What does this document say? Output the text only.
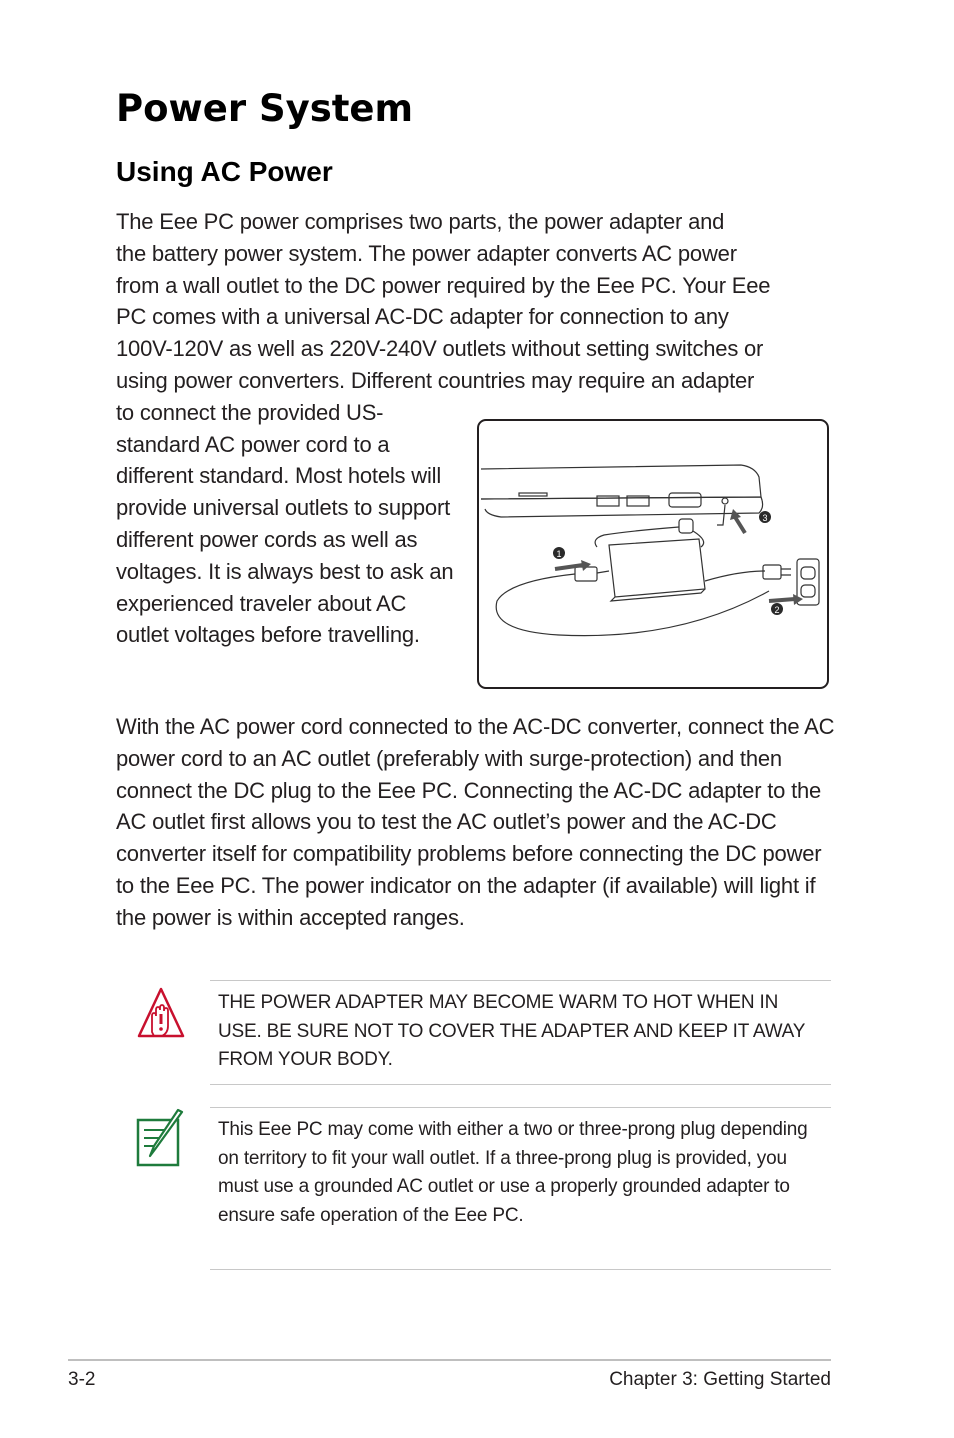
Power System
Using AC Power
The Eee PC power comprises two parts, the power adapter and
the battery power system. The power adapter converts AC power
from a wall outlet to the DC power required by the Eee PC. Your Eee
PC comes with a universal AC-DC adapter for connection to any
100V-120V as well as 220V-240V outlets without setting switches or
using power converters. Different countries may require an adapter
to connect the provided US-standard AC power cord to a different standard. Most hotels will provide universal outlets to support different power cords as well as voltages. It is always best to ask an experienced traveler about AC outlet voltages before travelling.
1
2
3

With the AC power cord connected to the AC-DC converter, connect the AC power cord to an AC outlet (preferably with surge-protection) and then connect the DC plug to the Eee PC. Connecting the AC-DC adapter to the AC outlet first allows you to test the AC outlet’s power and the AC-DC converter itself for compatibility problems before connecting the DC power to the Eee PC. The power indicator on the adapter (if available) will light if the power is within accepted ranges.

THE POWER ADAPTER MAY BECOME WARM TO HOT WHEN IN USE. BE SURE NOT TO COVER THE ADAPTER AND KEEP IT AWAY FROM YOUR BODY.

This Eee PC may come with either a two or three-prong plug depending on territory to fit your wall outlet. If a three-prong plug is provided, you must use a grounded AC outlet or use a properly grounded adapter to ensure safe operation of the Eee PC.

3-2	Chapter 3: Getting Started
